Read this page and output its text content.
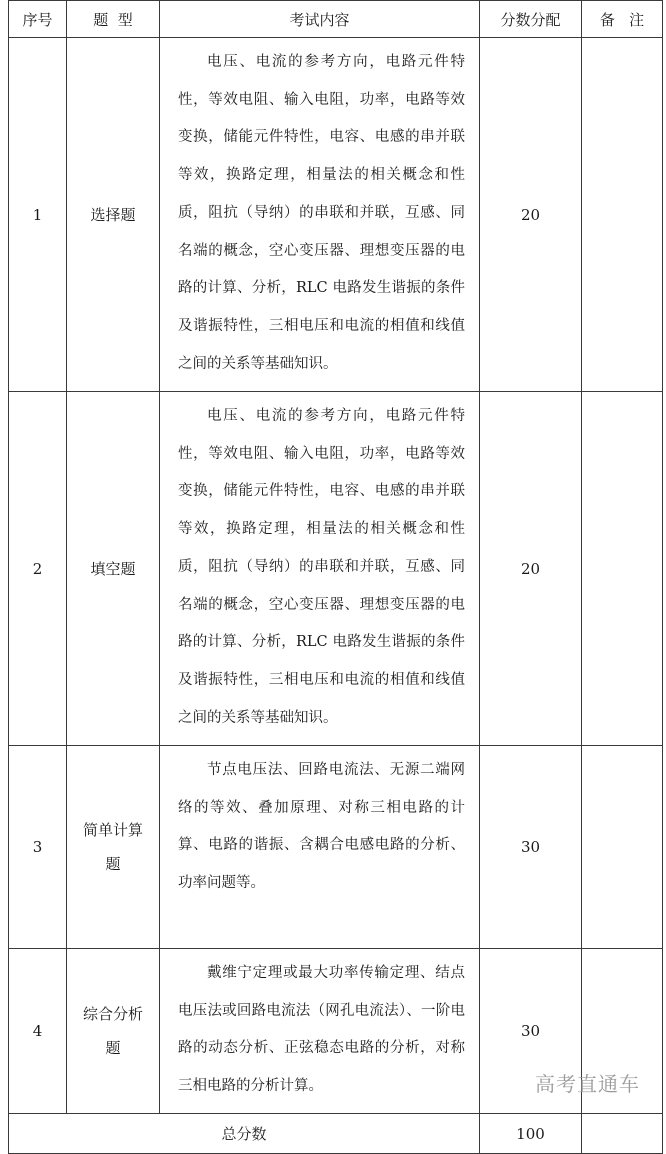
序号	题  型	考试内容	分数分配	备   注
1	选择题	电压、电流的参考方向，电路元件特性，等效电阻、输入电阻，功率，电路等效变换，储能元件特性，电容、电感的串并联等效，换路定理，相量法的相关概念和性质，阻抗（导纳）的串联和并联，互感、同名端的概念，空心变压器、理想变压器的电路的计算、分析，RLC 电路发生谐振的条件及谐振特性，三相电压和电流的相值和线值之间的关系等基础知识。	20	
2	填空题	电压、电流的参考方向，电路元件特性，等效电阻、输入电阻，功率，电路等效变换，储能元件特性，电容、电感的串并联等效，换路定理，相量法的相关概念和性质，阻抗（导纳）的串联和并联，互感、同名端的概念，空心变压器、理想变压器的电路的计算、分析，RLC 电路发生谐振的条件及谐振特性，三相电压和电流的相值和线值之间的关系等基础知识。	20	
3	简单计算题	节点电压法、回路电流法、无源二端网络的等效、叠加原理、对称三相电路的计算、电路的谐振、含耦合电感电路的分析、功率问题等。	30	
4	综合分析题	戴维宁定理或最大功率传输定理、结点电压法或回路电流法（网孔电流法）、一阶电路的动态分析、正弦稳态电路的分析，对称三相电路的分析计算。	30	
总分数			100	
高考直通车
